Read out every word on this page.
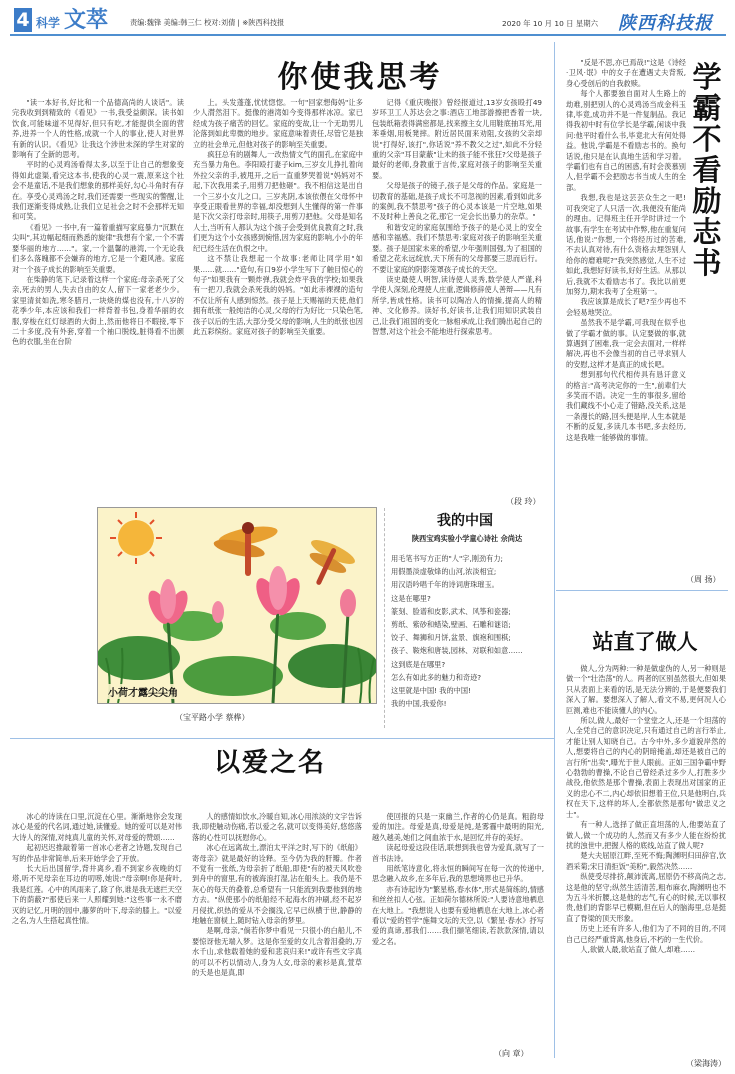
4 科学 文萃	责编:魏锋 美编:韩三仁 校对:刘倩 | ※陕西科技报	2020 年 10 月 10 日 星期六 陕西科技报
你使我思考

"读一本好书,好比和一个品德高尚的人谈话"。读完我收到到精致的《看见》一书,我受益颇深。读书如饮食,可能味道不见得好,但只有吃,才能提供全面的营养,进养一个人的性格,成就一个人的事业,使人对世界有新的认识。《看见》让我这个涉世未深的学生对家的影响有了全新的思考。

平时的心灵鸡汤看得太多,以至于让自己的想象变得如此虚渠,看完这本书,使我的心灵一震,原来这个社会不是童话,不是我们想象的那样美好,勾心斗角时有存在。享受心灵鸡汤之时,我们还需要一些现实的警醒,让我们逐渐变得成熟,让我们立足社会之时不会那样无知和可笑。

《看见》一书中,有一篇着重描写家庭暴力"沉默在尖叫",其边幅起细而熟悉的旋律"我想有个家,一个不需要华丽的地方……"。家,一个温馨的港湾,一个无论我们多么落魄都不会嫌弃的地方,它是一个避风港。家庭对一个孩子成长的影响至关重要。

在柴静的笔下,记录着这样一个家庭:母亲杀死了父亲,死去的男人,失去自由的女人,留下一家老老少少。家里清贫如洗,寒冬腊月,一块烧的煤也没有,十八岁的花季少年,本应该和我们一样背着书包,身着华丽的衣服,穿梭在红灯绿酒的大街上,然而他将日不暇接,零下二十多度,没有外套,穿着一个袖口脱线,脏得看不出颜色的衣服,坐在台阶

上。头发蓬蓬,忧忧惚惚。一句"回家想侮妈"让多少人潸然泪下。挺像的港湾如今变得那样冰凉。家已经成为孩子痛苦的回忆。家庭的变故,让一个无助男儿沦落到如此卑微的地步。家庭意味着责任,尽管它是独立的社会单元,但他对孩子的影响至关重要。

疯狂总有的剧舞人,一改热情文气的面孔,在家庭中充当暴力角色。李阳殴打妻子kim,三岁女儿挣扎着向外拉父亲的手,被甩开,之后一直重梦哭着说"妈妈对不起,下次我用柔子,用剪刀把他砸"。我不相信这是出自一个三岁小女儿之口。三岁兆阴,本该依偎在父母怀中享受正眼看世界的幸福,却没想到人生懂得的第一件事是下次父亲打母亲时,用筷子,用剪刀把他。父母是知名人士,当听有人都认为这个孩子会受到优良教育之时,我们更为这个小女孩感到惋惜,因为家庭的影响,小小的年纪已经生活在仇恨之中。

这不禁让我想起一个故事:老师让同学用"如果……就……"造句,有口9岁小学生写下了触目惊心的句子"如果我有一颗炸弹,我就会炸平我的学校;如果我有一把刀,我就会杀死我的妈妈。"如此赤裸裸的造句不仅让所有人感到惊然。孩子是上天赐福的天使,他们拥有纸张一般纯洁的心灵,父母的行为好比一只染色笔,孩子以后的生活,大部分受父母的影响,人生的纸张也因此五彩缤纷。家庭对孩子的影响至关重要。

记得《重庆晚报》曾经报道过,13岁女孩殴打49岁环卫工人苏达会之事:酒店工地部游擦把香着一块,包装纸箱表得满密都是,找来擦主女儿用鞋底抽耳光,用苯垂烟,用板凳摔。附近居民面来劝阻,女孩的父亲却说"打得好,该打",你话说"养不教父之过",如此不分轻重的父亲"耳目蒙蔽"让未的孩子能不张狂?父母是孩子最好的老师,身教重于言传,家庭对孩子的影响至关重要。

父母是孩子的镜子,孩子是父母的作品。家庭是一切教育的基础,是孩子成长不可忽视的因素,看到如此多的案例,我不禁思考"孩子的心灵本该是一片空地,如果不及时种上善良之花,那它一定会长出暴力的杂草。"

和谐安定的家庭氛围给予孩子的是心灵上的安全感和幸福感。我们不禁思考:家庭对孩子的影响至关重要。孩子是国家未来的希望,少年强则国强,为了祖国的希望之花永远绽放,天下所有的父母都要三思而后行。不要让家庭的阴影笼罩孩子成长的天空。

读史最使人明智,读诗使人灵秀,数学使人严谨,科学使人深刻,伦理使人庄重,逻辑修辞使人善辩——凡有所学,皆成性格。读书可以陶冶人的情操,提高人的精神、文化修养。读好书,好读书,让我们用知识武装自己,让我们祖国的变化一脉相承成,让我们腾出起自己的智慧,对这个社会不能地进行探索思考。

（段 玲）
学霸不看励志书

"反是不思,亦已焉哉!"这是《诗经·卫风·氓》中的女子在遭遇丈夫背叛,身心受创后的自我救赎。

每个人都要独自面对人生路上的劫难,别把别人的心灵鸡汤当成金科玉律,毕竟,成功并不是一件复制品。我记得我初中时有位学长是学霸,闲谈中我问:他平时看什么书,毕竟北大有何处得益。他说,学霸是不看励志书的。换句话说,他只是在认真地生活和学习着。学霸们也有自己的困惑,有时会羡慕别人,但学霸不会把励志书当成人生的全部。

我想,我也是这芸芸众生之一吧!可我突定了人只活一次,我便没有能尚的理由。记得班主任开学时讲过一个故事,有学生在考试中作弊,他在重复问话,他说:"你想,一个将经历过的苦难,不去认真对待,有什么资格去埋怨别人给你的磨难呢?"我突然感觉,人生不过如此,我想好好读书,好好生活。从那以后,我就不太看励志书了。我比以前更加努力,期末我考了全班第一。

我应该算是成长了吧?至少再也不会轻易地哭泣。

虽然我不是学霸,可我现在似乎也做了学霸才做的事。认定要做的事,就算遇到了困难,我一定会去面对,一样样解决,再也不会像当初的自己寻求别人的安慰,这样才是真正的成长吧。

想到那句代代相传具有恳讦意义的格言:"高考决定你的一生",前辈们大多笑而不语。决定一生的事很多,留给我们藏线不小心走了错路,没关系,这是一条漫长的路,回头便是岸,人生本就是不断的反复,多读几本书吧,多去经历,这是我唯一能够做的事情。

（周 扬）
小荷才露尖尖角
（宝平路小学 蔡桦）
我的中国
陕西宝鸡实验小学童心诗社 佘尚达
用毛笔书写方正的"人"字,刚劲有力;
用假墨淡虚敬烽的山河,浓淡相宜;
用汉语吟唱千年的诗词唐珠璀玉。
这是在哪里?
篆刻、脸谱和皮影,武术、风筝和瓷器;
剪纸、紫砂和蜡染,壁画、石雕和谜语;
饺子、舞狮和月饼,盆景、旗袍和围棋;
孩子、鞍炮和唐装,园林、对联和如意……
这到底是在哪里?
怎么有如此多的魅力和奇迹?
这里就是中国! 我的中国!
我的中国,我爱你!
站直了做人

做人,分为两种:一种是做虚伪的人,另一种则是做一个"壮浩荡"的人。两者的区别虽然很大,但如果只从表面上来看的话,是无法分辨的,于是便要我们深入了解。要想深入了解人,看文不易,更何况人心叵测,难也不能读懂人的内心。

所以,做人,最好一个堂堂之人,还是一个坦荡的人,全凭自己的意识决定,只有通过自己的言行举止,才能让别人知晓自己。古今中外,多少道貌岸然的人,想要将自己的内心的阴暗掩盖,却还是被自己的言行所"出卖",曝光于世人眼前。正如三国争霸中野心勃勃的曹操,不论自己曾经杀过多少人,打胜多少战役,他依然是那个曹操,表面上表现出对国家的正义的忠心不二,内心却依旧想着王位,只是他明白,兵权在天下,这样的坏人,全都依然是那句"做忠义之士"。

有一种人,选择了做正直坦荡的人,他要站直了做人,做一个成功的人,然而又有多少人能在纷纷扰扰的浊世中,把握人格的底线,站直了做人呢?

楚大夫屈原江畔,至死不悔;陶渊明归田辞官,饮酒采菊;宋日清拒饭"美粉",毅然决然……

纵使受尽排挤,颠沛流离,屈原仍不移高尚之志,这是他的坚守;纵然生活清苦,粗布麻衣,陶渊明也不为五斗米折腰,这是他的志气,有心的时候,无以事权贵,他们的背影早已模糊,但在后人的脑海里,总是挺直了脊梁的顶天形象。

历史上还有许多人,他们为了不同的目的,不同自己已经严重背离,他身后,不朽的一生代价。

人,欲做人最,欲站直了做人,却难……

（梁海涛）
以爱之名

冰心的诗读在口里,沉淀在心里。渐渐地你会发现冰心是爱的代名词,通过她,读懂爱。她的爱可以是对伟大诗人的深情,对纯真儿童的关怀,对母爱的赞颂……

起初迟迟推敲着第一首冰心老者之诗题,发现自己写的作品非常简单,后来开始学会了开放。

长大后出国留学,背井离乡,看不到家乡夜晚的灯塔,听不见母亲在耳边的叨唠,她说:"母亲啊!你是荷叶,我是红莲。心中的风雨来了,除了你,谁是我无遮拦天空下的荫蔽?"那使后来一人照耀到她:"这些事一永不磨灭的记忆,月明的园中,藤萝的叶下,母亲的膝上。"以爱之名,为人生搭起真性情。

人的感情如饮水,冷暖自知,冰心用浓淡的文字告诉我,即使触动伤痛,若以爱之名,就可以变得美好,悠悠落落的心性可以抚慰你心。

冰心在远离故土,漂泊太平洋之时,写下的《纸船》寄母亲》就是最好的诠释。至今仍为我的肝瓣。作者不觉有一张纸,为母亲折了纸船,即使"有的被天风吹卷到舟中的窗里,有的被海浪打湿,沾在船头上。我仍是不灰心的每天的叠着,总希望有一只能流到我要他到的地方去。"纵使那小的纸船经不起海水的冲刷,经不起岁月侵扰,织热的爱从不会搁浅,它早已纵横于世,静静的地触在窗棂上,随时钻入母亲的梦里。

是啊,母亲,"倘若你梦中看见一只很小的白船儿,不要惊讶他无端入梦。这是你至爱的女儿含着泪叠的,万水千山,求他载着她的爱和悲哀归来!"或许有些文字真的可以不朽以情动人,身为人女,母亲的素衫是真,萱草的夭是也是真,即

使回报的只是一束幽兰,作者的心仍是真。粗韵母爱的加注。母爱是真,母爱是纯,是雾霾中最明的阳光,越久越美,她们之间血浓于水,是回忆并存的美好。

读起母爱这段佳话,联想到我也曾为爱真,就写了一首书法诗。

用纸笔诗意化,将永恒的瞬间写在每一次的传递中,思念融入故乡,在多年后,我的思想境界也已升华。

亦有诗起诗为"繁星格,春水体",形式是简练的,情感和丝丝扣人心弦。正如荷尔德林所说:"人要诗意地栖息在大地上。"我想说人也要有爱地栖息在大地上,冰心者看以"爱的哲学"施舞文坛的天空,以《繁星·春水》抒写爱的真谛,那我们……我们撷笔细读,若款款深情,请以爱之名。

（向 章）
